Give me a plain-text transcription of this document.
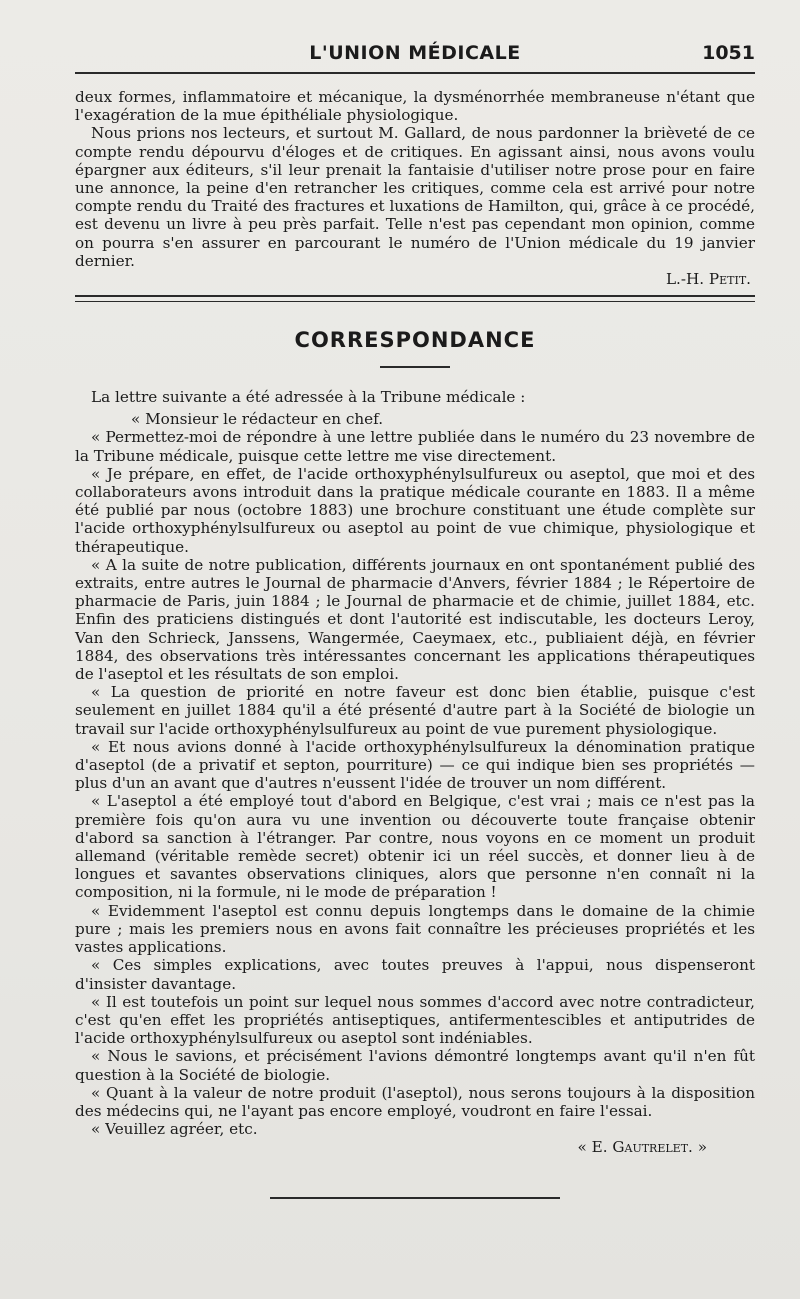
L'UNION MÉDICALE	1051

deux formes, inflammatoire et mécanique, la dysménorrhée membraneuse n'étant que l'exagération de la mue épithéliale physiologique.

Nous prions nos lecteurs, et surtout M. Gallard, de nous pardonner la brièveté de ce compte rendu dépourvu d'éloges et de critiques. En agissant ainsi, nous avons voulu épargner aux éditeurs, s'il leur prenait la fantaisie d'utiliser notre prose pour en faire une annonce, la peine d'en retrancher les critiques, comme cela est arrivé pour notre compte rendu du Traité des fractures et luxations de Hamilton, qui, grâce à ce procédé, est devenu un livre à peu près parfait. Telle n'est pas cependant mon opinion, comme on pourra s'en assurer en parcourant le numéro de l'Union médicale du 19 janvier dernier.

L.-H. Petit.
CORRESPONDANCE

La lettre suivante a été adressée à la Tribune médicale :

« Monsieur le rédacteur en chef.

« Permettez-moi de répondre à une lettre publiée dans le numéro du 23 novembre de la Tribune médicale, puisque cette lettre me vise directement.

« Je prépare, en effet, de l'acide orthoxyphénylsulfureux ou aseptol, que moi et des collaborateurs avons introduit dans la pratique médicale courante en 1883. Il a même été publié par nous (octobre 1883) une brochure constituant une étude complète sur l'acide orthoxyphénylsulfureux ou aseptol au point de vue chimique, physiologique et thérapeutique.

« A la suite de notre publication, différents journaux en ont spontanément publié des extraits, entre autres le Journal de pharmacie d'Anvers, février 1884 ; le Répertoire de pharmacie de Paris, juin 1884 ; le Journal de pharmacie et de chimie, juillet 1884, etc. Enfin des praticiens distingués et dont l'autorité est indiscutable, les docteurs Leroy, Van den Schrieck, Janssens, Wangermée, Caeymaex, etc., publiaient déjà, en février 1884, des observations très intéressantes concernant les applications thérapeutiques de l'aseptol et les résultats de son emploi.

« La question de priorité en notre faveur est donc bien établie, puisque c'est seulement en juillet 1884 qu'il a été présenté d'autre part à la Société de biologie un travail sur l'acide orthoxyphénylsulfureux au point de vue purement physiologique.

« Et nous avions donné à l'acide orthoxyphénylsulfureux la dénomination pratique d'aseptol (de a privatif et septon, pourriture) — ce qui indique bien ses propriétés — plus d'un an avant que d'autres n'eussent l'idée de trouver un nom différent.

« L'aseptol a été employé tout d'abord en Belgique, c'est vrai ; mais ce n'est pas la première fois qu'on aura vu une invention ou découverte toute française obtenir d'abord sa sanction à l'étranger. Par contre, nous voyons en ce moment un produit allemand (véritable remède secret) obtenir ici un réel succès, et donner lieu à de longues et savantes observations cliniques, alors que personne n'en connaît ni la composition, ni la formule, ni le mode de préparation !

« Evidemment l'aseptol est connu depuis longtemps dans le domaine de la chimie pure ; mais les premiers nous en avons fait connaître les précieuses propriétés et les vastes applications.

« Ces simples explications, avec toutes preuves à l'appui, nous dispenseront d'insister davantage.

« Il est toutefois un point sur lequel nous sommes d'accord avec notre contradicteur, c'est qu'en effet les propriétés antiseptiques, antifermentescibles et antiputrides de l'acide orthoxyphénylsulfureux ou aseptol sont indéniables.

« Nous le savions, et précisément l'avions démontré longtemps avant qu'il n'en fût question à la Société de biologie.

« Quant à la valeur de notre produit (l'aseptol), nous serons toujours à la disposition des médecins qui, ne l'ayant pas encore employé, voudront en faire l'essai.

« Veuillez agréer, etc.

« E. Gautrelet. »
